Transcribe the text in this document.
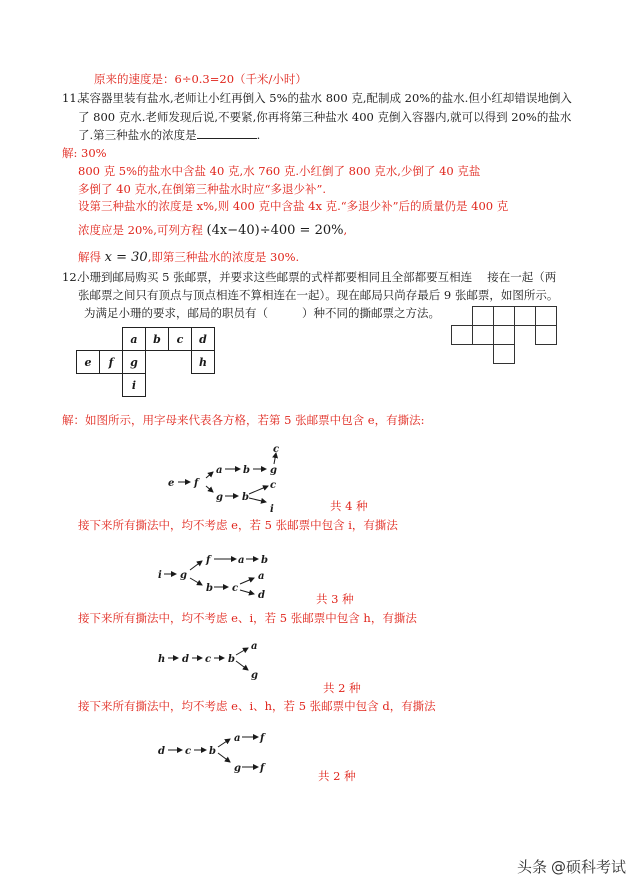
原来的速度是：6÷0.3=20（千米/小时）
11.
某容器里装有盐水,老师让小红再倒入 5%的盐水 800 克,配制成 20%的盐水.但小红却错误地倒入
了 800 克水.老师发现后说,不要紧,你再将第三种盐水 400 克倒入容器内,就可以得到 20%的盐水
了.第三种盐水的浓度是	.
解: 30%
800 克 5%的盐水中含盐 40 克,水 760 克.小红倒了 800 克水,少倒了 40 克盐
多倒了 40 克水,在倒第三种盐水时应“多退少补”.
设第三种盐水的浓度是 x%,则 400 克中含盐 4x 克.“多退少补”后的质量仍是 400 克
浓度应是 20%,可列方程 (4x−40)÷400 = 20%,
解得 x = 30,即第三种盐水的浓度是 30%.
12.
小珊到邮局购买 5 张邮票，并要求这些邮票的式样都要相同且全部都要互相连　 接在一起（两
张邮票之间只有顶点与顶点相连不算相连在一起）。现在邮局只尚存最后 9 张邮票，如图所示。
为满足小珊的要求，邮局的职员有（	）种不同的撕邮票之方法。
a	b	c	d
e	f	g	h
i
解：如图所示，用字母来代表各方格，若第 5 张邮票中包含 e，有撕法:
e f
a b
c
g
g b
c
i	共 4 种
接下来所有撕法中，均不考虑 e，若 5 张邮票中包含 i，有撕法
i g
f	a b
b c
a
d	共 3 种
接下来所有撕法中，均不考虑 e、i，若 5 张邮票中包含 h，有撕法
h d c b
a
g
共 2 种
接下来所有撕法中，均不考虑 e、i、h，若 5 张邮票中包含 d，有撕法
d c b
a f
g f
共 2 种
头条 @硕科考试
